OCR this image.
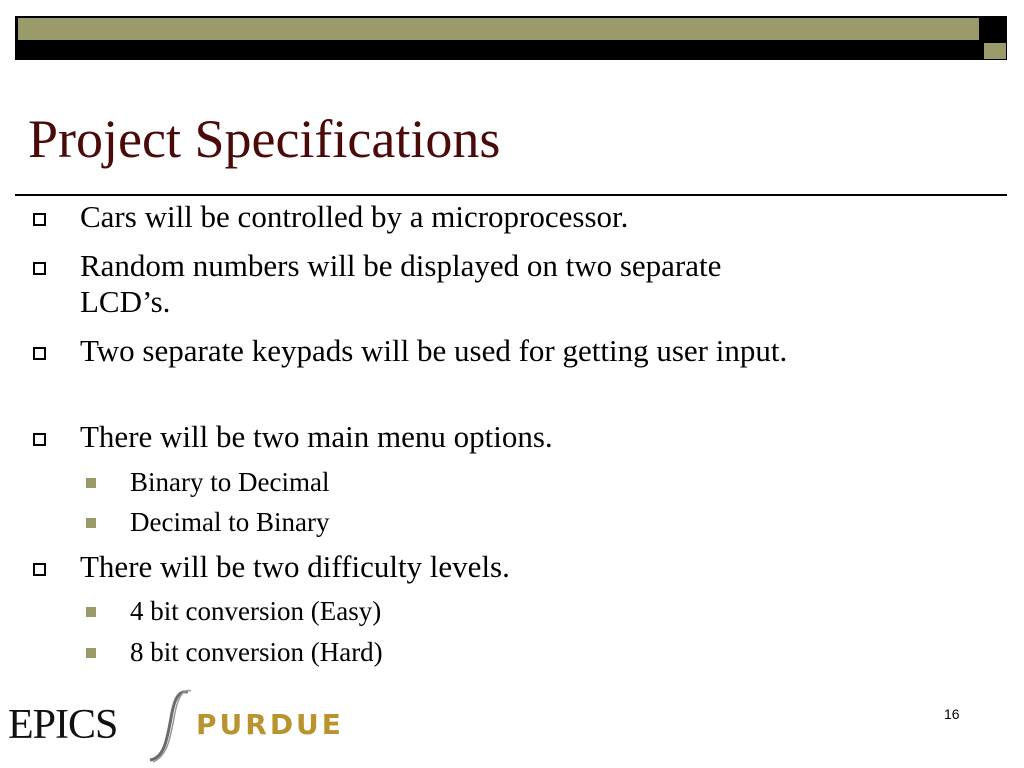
Project Specifications
Cars will be controlled by a microprocessor.
Random numbers will be displayed on two separate LCD’s.
Two separate keypads will be used for getting user input.
There will be two main menu options.
Binary to Decimal
Decimal to Binary
There will be two difficulty levels.
4 bit conversion (Easy)
8 bit conversion (Hard)
EPICS	PURDUE	16
